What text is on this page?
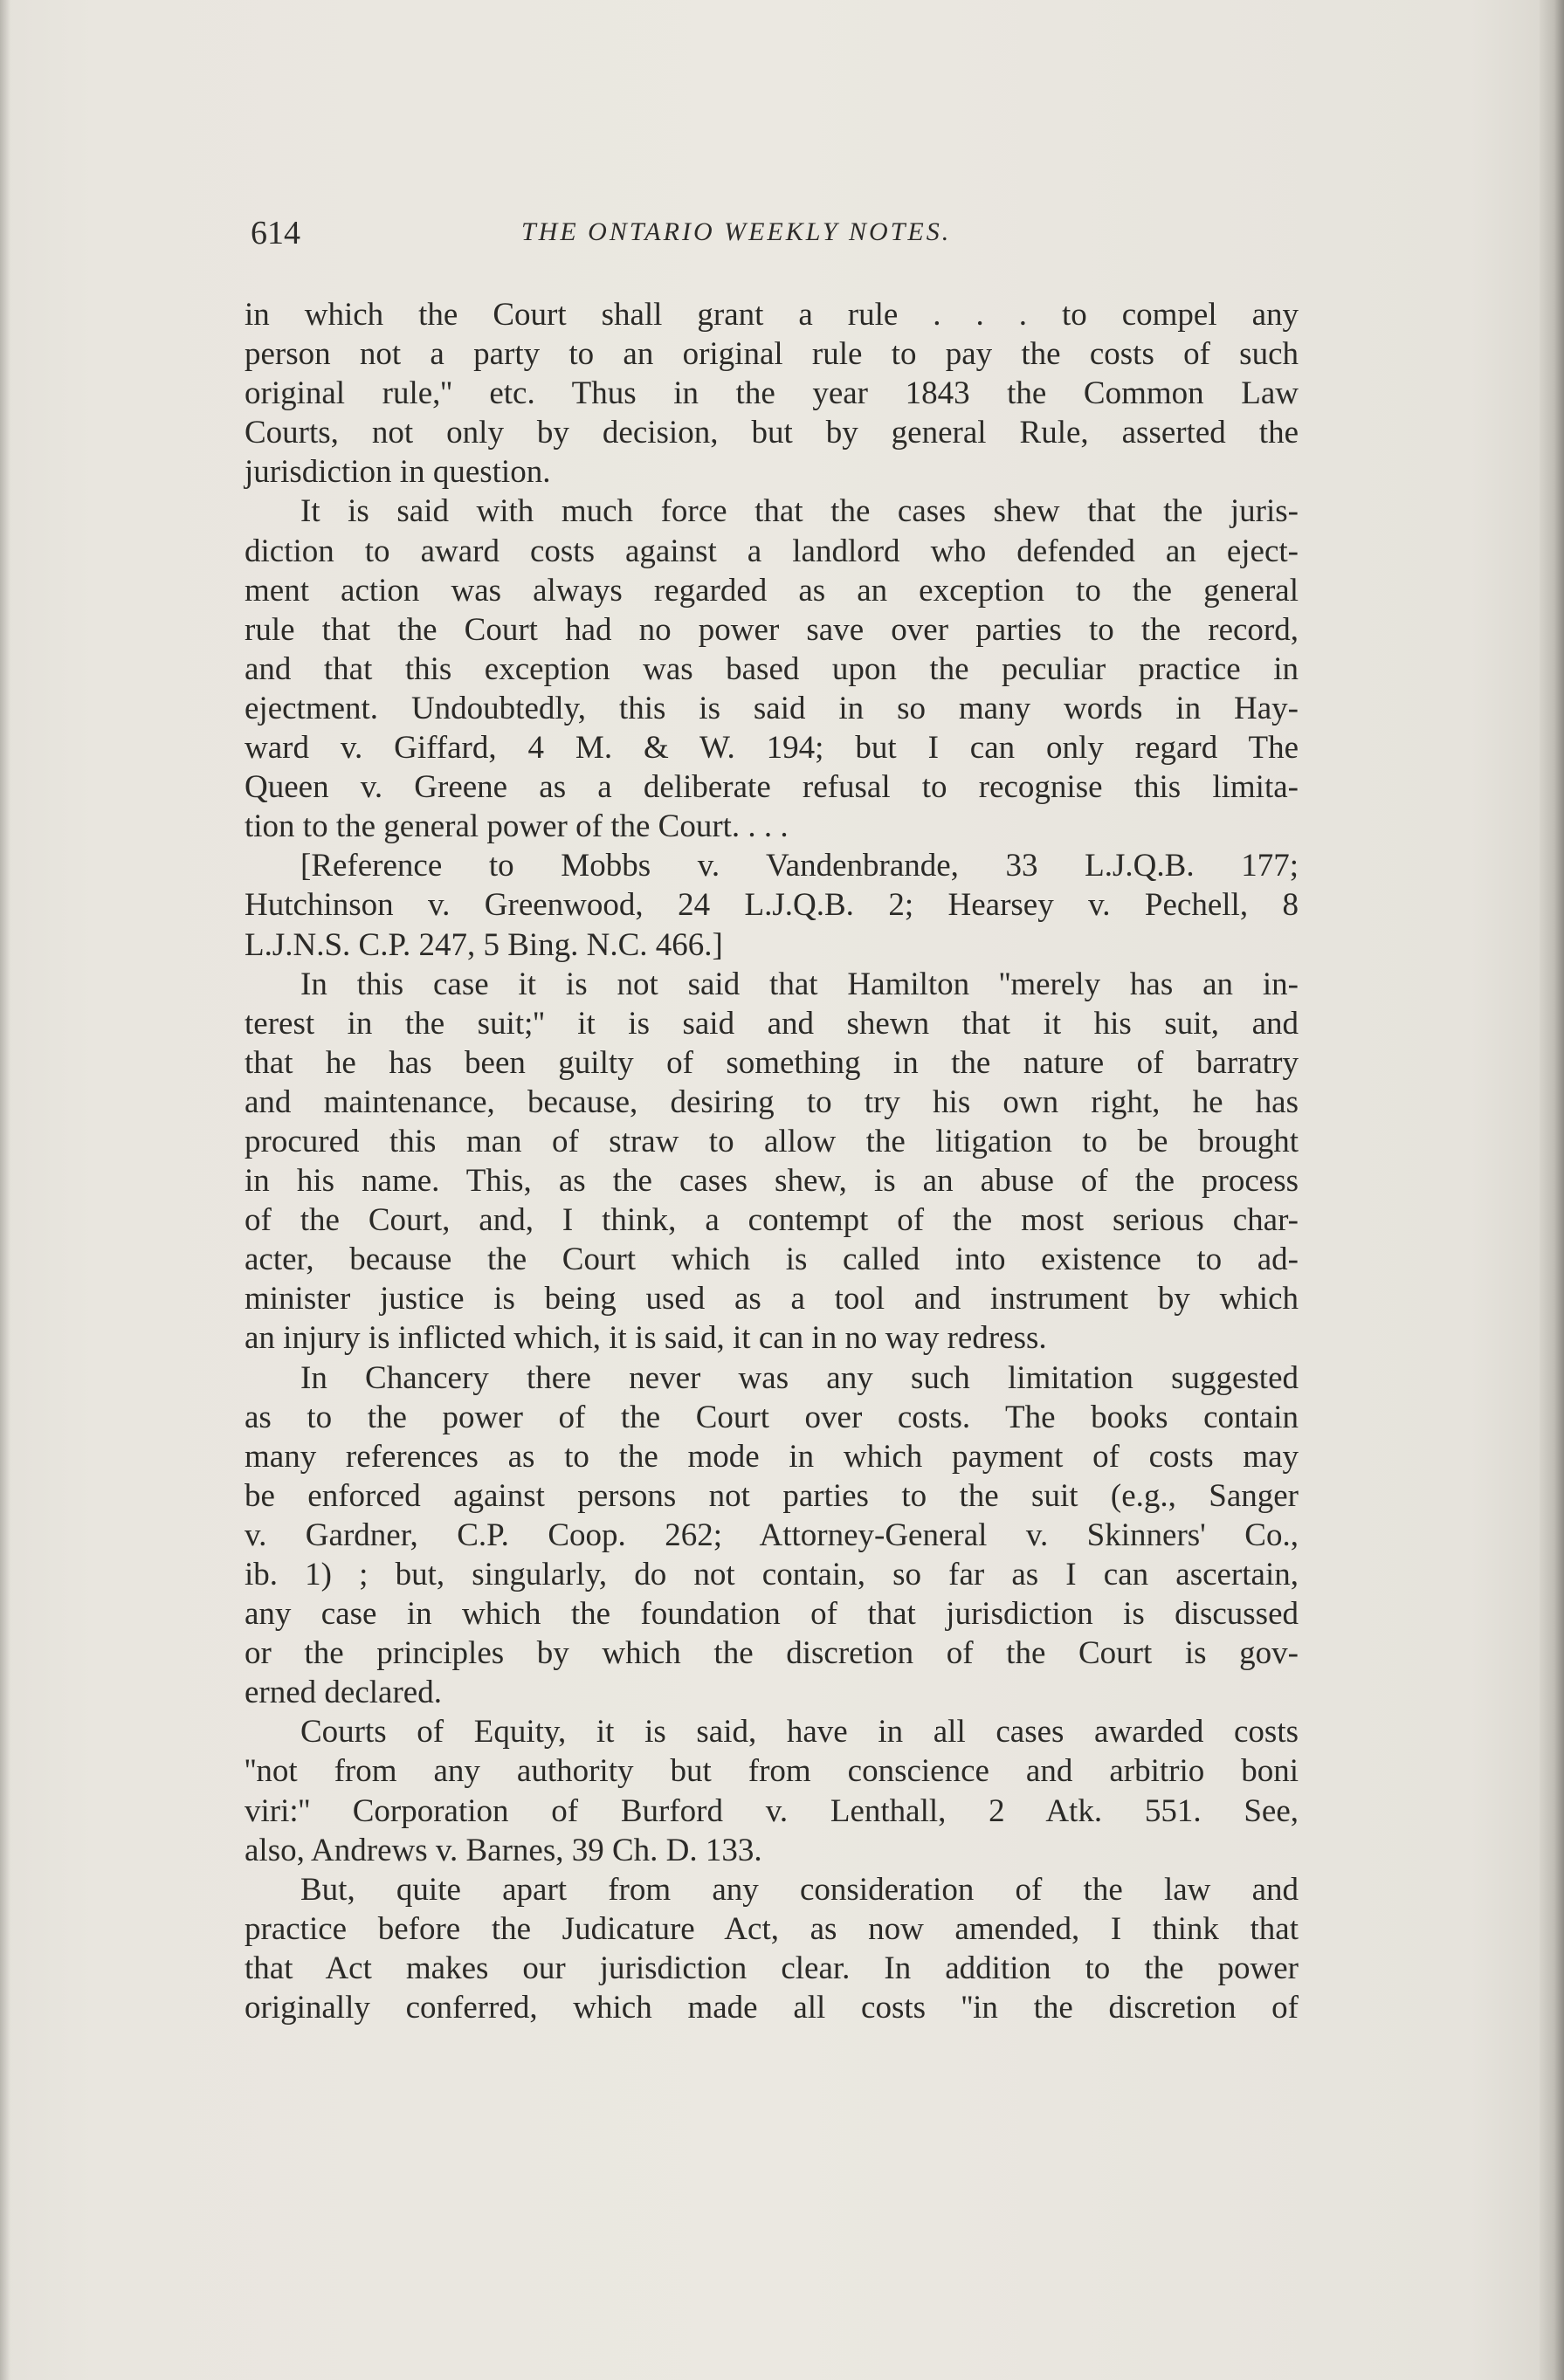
614	THE ONTARIO WEEKLY NOTES.
in which the Court shall grant a rule . . . to compel any
person not a party to an original rule to pay the costs of such
original rule,'' etc. Thus in the year 1843 the Common Law
Courts, not only by decision, but by general Rule, asserted the
jurisdiction in question.
It is said with much force that the cases shew that the juris-
diction to award costs against a landlord who defended an eject-
ment action was always regarded as an exception to the general
rule that the Court had no power save over parties to the record,
and that this exception was based upon the peculiar practice in
ejectment. Undoubtedly, this is said in so many words in Hay-
ward v. Giffard, 4 M. & W. 194; but I can only regard The
Queen v. Greene as a deliberate refusal to recognise this limita-
tion to the general power of the Court. . . .
[Reference to Mobbs v. Vandenbrande, 33 L.J.Q.B. 177;
Hutchinson v. Greenwood, 24 L.J.Q.B. 2; Hearsey v. Pechell, 8
L.J.N.S. C.P. 247, 5 Bing. N.C. 466.]
In this case it is not said that Hamilton ''merely has an in-
terest in the suit;'' it is said and shewn that it his suit, and
that he has been guilty of something in the nature of barratry
and maintenance, because, desiring to try his own right, he has
procured this man of straw to allow the litigation to be brought
in his name. This, as the cases shew, is an abuse of the process
of the Court, and, I think, a contempt of the most serious char-
acter, because the Court which is called into existence to ad-
minister justice is being used as a tool and instrument by which
an injury is inflicted which, it is said, it can in no way redress.
In Chancery there never was any such limitation suggested
as to the power of the Court over costs. The books contain
many references as to the mode in which payment of costs may
be enforced against persons not parties to the suit (e.g., Sanger
v. Gardner, C.P. Coop. 262; Attorney-General v. Skinners' Co.,
ib. 1) ; but, singularly, do not contain, so far as I can ascertain,
any case in which the foundation of that jurisdiction is discussed
or the principles by which the discretion of the Court is gov-
erned declared.
Courts of Equity, it is said, have in all cases awarded costs
''not from any authority but from conscience and arbitrio boni
viri:'' Corporation of Burford v. Lenthall, 2 Atk. 551. See,
also, Andrews v. Barnes, 39 Ch. D. 133.
But, quite apart from any consideration of the law and
practice before the Judicature Act, as now amended, I think that
that Act makes our jurisdiction clear. In addition to the power
originally conferred, which made all costs ''in the discretion of
